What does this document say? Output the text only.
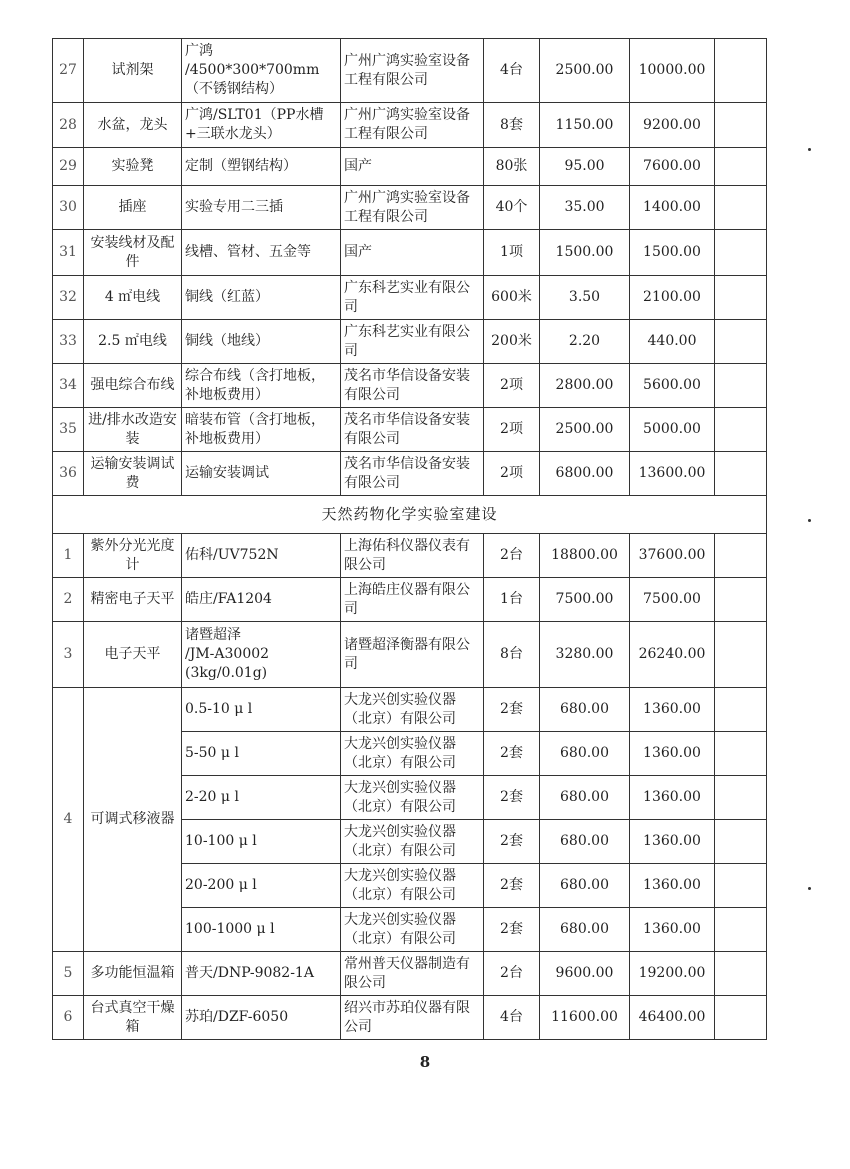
27	试剂架	广鸿
/4500*300*700mm
（不锈钢结构）	广州广鸿实验室设备工程有限公司	4台	2500.00	10000.00	
28	水盆，龙头	广鸿/SLT01（PP水槽+三联水龙头）	广州广鸿实验室设备工程有限公司	8套	1150.00	9200.00	
29	实验凳	定制（塑钢结构）	国产	80张	95.00	7600.00	
30	插座	实验专用二三插	广州广鸿实验室设备工程有限公司	40个	35.00	1400.00	
31	安装线材及配件	线槽、管材、五金等	国产	1项	1500.00	1500.00	
32	4 ㎡电线	铜线（红蓝）	广东科艺实业有限公司	600米	3.50	2100.00	
33	2.5 ㎡电线	铜线（地线）	广东科艺实业有限公司	200米	2.20	440.00	
34	强电综合布线	综合布线（含打地板，补地板费用）	茂名市华信设备安装有限公司	2项	2800.00	5600.00	
35	进/排水改造安装	暗装布管（含打地板，补地板费用）	茂名市华信设备安装有限公司	2项	2500.00	5000.00	
36	运输安装调试费	运输安装调试	茂名市华信设备安装有限公司	2项	6800.00	13600.00	
天然药物化学实验室建设							
1	紫外分光光度计	佑科/UV752N	上海佑科仪器仪表有限公司	2台	18800.00	37600.00	
2	精密电子天平	皓庄/FA1204	上海皓庄仪器有限公司	1台	7500.00	7500.00	
3	电子天平	诸暨超泽
/JM-A30002
(3kg/0.01g)	诸暨超泽衡器有限公司	8台	3280.00	26240.00	
4	可调式移液器	0.5-10 μ l	大龙兴创实验仪器（北京）有限公司	2套	680.00	1360.00	
		5-50 μ l	大龙兴创实验仪器（北京）有限公司	2套	680.00	1360.00	
		2-20 μ l	大龙兴创实验仪器（北京）有限公司	2套	680.00	1360.00	
		10-100 μ l	大龙兴创实验仪器（北京）有限公司	2套	680.00	1360.00	
		20-200 μ l	大龙兴创实验仪器（北京）有限公司	2套	680.00	1360.00	
		100-1000 μ l	大龙兴创实验仪器（北京）有限公司	2套	680.00	1360.00	
5	多功能恒温箱	普天/DNP-9082-1A	常州普天仪器制造有限公司	2台	9600.00	19200.00	
6	台式真空干燥箱	苏珀/DZF-6050	绍兴市苏珀仪器有限公司	4台	11600.00	46400.00	
8
